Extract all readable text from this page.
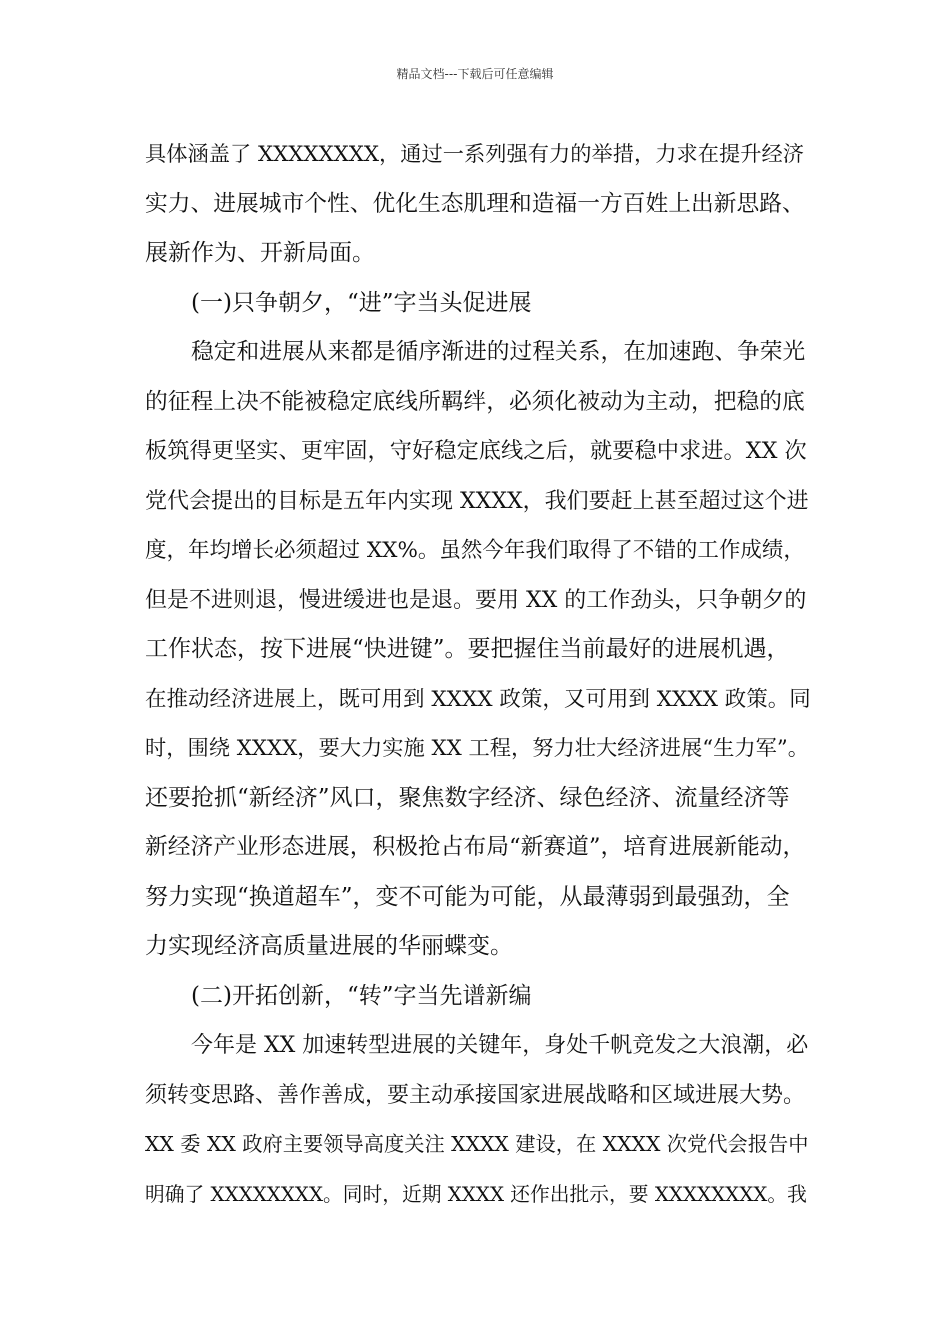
精品文档---下载后可任意编辑
具体涵盖了 XXXXXXXX，通过一系列强有力的举措，力求在提升经济
实力、进展城市个性、优化生态肌理和造福一方百姓上出新思路、
展新作为、开新局面。
(一)只争朝夕，“进”字当头促进展
稳定和进展从来都是循序渐进的过程关系，在加速跑、争荣光
的征程上决不能被稳定底线所羁绊，必须化被动为主动，把稳的底
板筑得更坚实、更牢固，守好稳定底线之后，就要稳中求进。XX 次
党代会提出的目标是五年内实现 XXXX，我们要赶上甚至超过这个进
度，年均增长必须超过 XX%。虽然今年我们取得了不错的工作成绩，
但是不进则退，慢进缓进也是退。要用 XX 的工作劲头，只争朝夕的
工作状态，按下进展“快进键”。要把握住当前最好的进展机遇，
在推动经济进展上，既可用到 XXXX 政策，又可用到 XXXX 政策。同
时，围绕 XXXX，要大力实施 XX 工程，努力壮大经济进展“生力军”。
还要抢抓“新经济”风口，聚焦数字经济、绿色经济、流量经济等
新经济产业形态进展，积极抢占布局“新赛道”，培育进展新能动，
努力实现“换道超车”，变不可能为可能，从最薄弱到最强劲，全
力实现经济高质量进展的华丽蝶变。
(二)开拓创新，“转”字当先谱新编
今年是 XX 加速转型进展的关键年，身处千帆竞发之大浪潮，必
须转变思路、善作善成，要主动承接国家进展战略和区域进展大势。
XX 委 XX 政府主要领导高度关注 XXXX 建设，在 XXXX 次党代会报告中
明确了 XXXXXXXX。同时，近期 XXXX 还作出批示，要 XXXXXXXX。我
